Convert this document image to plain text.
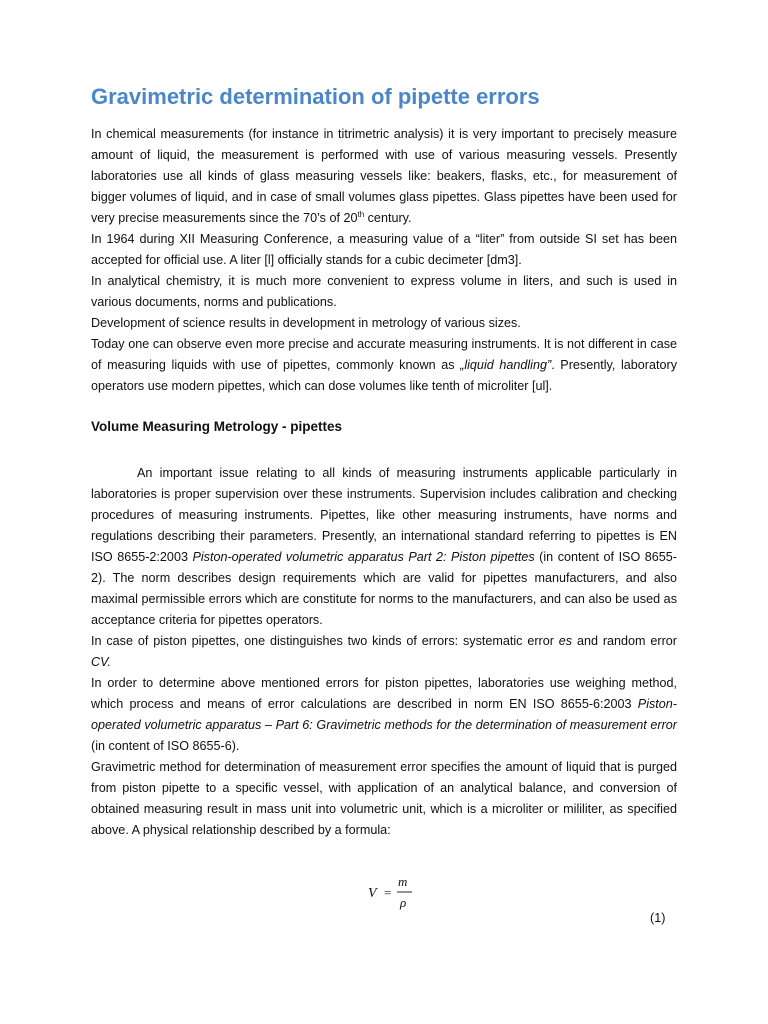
Gravimetric determination of pipette errors

In chemical measurements (for instance in titrimetric analysis) it is very important to precisely measure amount of liquid, the measurement is performed with use of various measuring vessels. Presently laboratories use all kinds of glass measuring vessels like: beakers, flasks, etc., for measurement of bigger volumes of liquid, and in case of small volumes glass pipettes. Glass pipettes have been used for very precise measurements since the 70’s of 20th century.

In 1964 during XII Measuring Conference, a measuring value of a “liter” from outside SI set has been accepted for official use. A liter [l] officially stands for a cubic decimeter [dm3].

In analytical chemistry, it is much more convenient to express volume in liters, and such is used in various documents, norms and publications.

Development of science results in development in metrology of various sizes.

Today one can observe even more precise and accurate measuring instruments. It is not different in case of measuring liquids with use of pipettes, commonly known as „liquid handling”. Presently, laboratory operators use modern pipettes, which can dose volumes like tenth of microliter [ul].

Volume Measuring Metrology - pipettes

An important issue relating to all kinds of measuring instruments applicable particularly in laboratories is proper supervision over these instruments. Supervision includes calibration and checking procedures of measuring instruments. Pipettes, like other measuring instruments, have norms and regulations describing their parameters. Presently, an international standard referring to pipettes is EN ISO 8655-2:2003 Piston-operated volumetric apparatus Part 2: Piston pipettes (in content of ISO 8655-2). The norm describes design requirements which are valid for pipettes manufacturers, and also maximal permissible errors which are constitute for norms to the manufacturers, and can also be used as acceptance criteria for pipettes operators.

In case of piston pipettes, one distinguishes two kinds of errors: systematic error es and random error CV.

In order to determine above mentioned errors for piston pipettes, laboratories use weighing method, which process and means of error calculations are described in norm EN ISO 8655-6:2003 Piston-operated volumetric apparatus – Part 6: Gravimetric methods for the determination of measurement error (in content of ISO 8655-6).

Gravimetric method for determination of measurement error specifies the amount of liquid that is purged from piston pipette to a specific vessel, with application of an analytical balance, and conversion of obtained measuring result in mass unit into volumetric unit, which is a microliter or mililiter, as specified above. A physical relationship described by a formula:

V =
m
ρ
(1)
